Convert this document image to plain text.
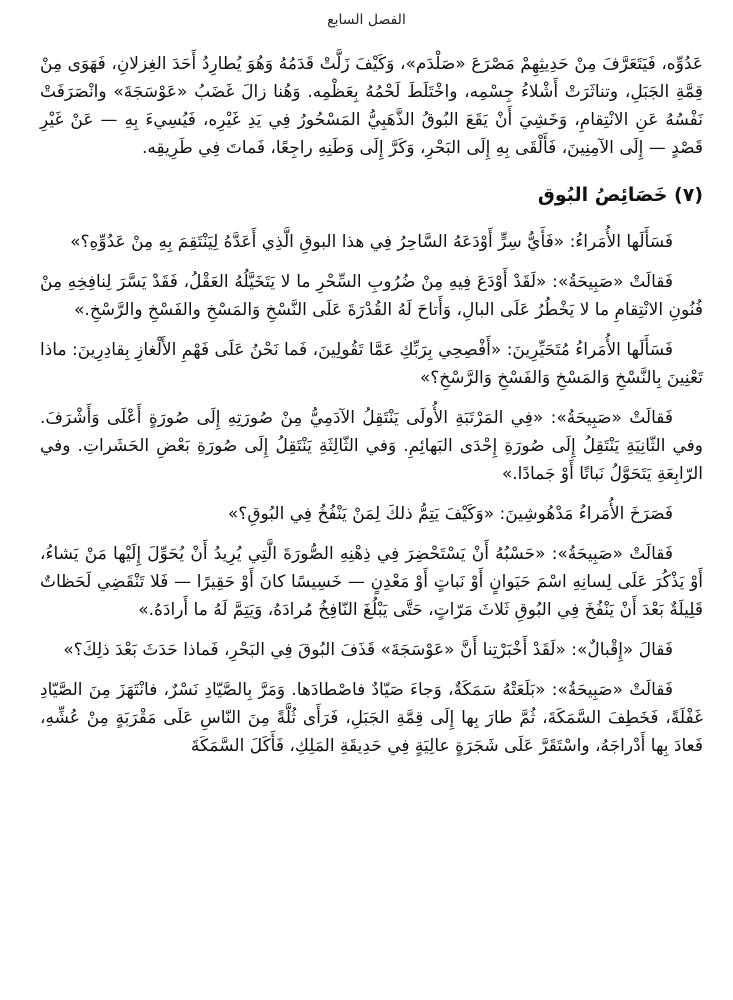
الفصل السابع

عَدُوِّه، فَيَتَعَرَّفَ مِنْ حَدِيثِهِمْ مَصْرَعَ «صَلْدَم»، وَكَيْفَ زَلَّتْ قَدَمُهُ وَهُوَ يُطارِدُ أَحَدَ الغِزلانِ، فَهَوَى مِنْ قِمَّةِ الجَبَلِ، وتناثَرَتْ أَشْلاءُ جِسْمِه، واخْتَلَطَ لَحْمُهُ بِعَظْمِه. وَهُنا زالَ غَضَبُ «عَوْسَجَةَ» وانْصَرَفَتْ نَفْسُهُ عَنِ الانْتِقامِ، وَخَشِيَ أَنْ يَقَعَ البُوقُ الذَّهَبِيُّ المَسْحُورُ فِي يَدِ غَيْرِه، فَيُسِيءَ بِهِ — عَنْ غَيْرِ قَصْدٍ — إِلَى الآمِنِينَ، فَأَلْقَى بِهِ إِلَى البَحْرِ، وَكَرَّ إِلَى وَطَنِهِ راجِعًا، فَماتَ فِي طَرِيقِه.

(٧) خَصَائِصُ البُوق

فَسَأَلَها الأُمَراءُ: «فَأَيُّ سِرٍّ أَوْدَعَهُ السَّاحِرُ فِي هذا البوقِ الَّذِي أَعَدَّهُ لِيَنْتَقِمَ بِهِ مِنْ عَدُوِّهِ؟»

فَقالَتْ «صَبِيحَةُ»: «لَقَدْ أَوْدَعَ فِيهِ مِنْ ضُرُوبِ السِّحْرِ ما لا يَتَخَيَّلُهُ العَقْلُ، فَقَدْ يَسَّرَ لِنافِخِهِ مِنْ فُنُونِ الانْتِقامِ ما لا يَخْطُرُ عَلَى البالِ، وَأَتاحَ لَهُ القُدْرَةَ عَلَى النَّسْخِ وَالمَسْخِ والفَسْخِ والرَّسْخِ.»

فَسَأَلَها الأُمَراءُ مُتَحَيِّرِينَ: «أَفْصِحِي بِرَبِّكِ عَمَّا تَقُولِينَ، فَما نَحْنُ عَلَى فَهْمِ الأَلْغازِ بِقادِرِينَ: ماذا تَعْنِينَ بِالنَّسْخِ وَالمَسْخِ وَالفَسْخِ وَالرَّسْخِ؟»

فَقالَتْ «صَبِيحَةُ»: «فِي المَرْتَبَةِ الأُولَى يَنْتَقِلُ الآدَمِيُّ مِنْ صُورَتِهِ إِلَى صُورَةٍ أَعْلَى وَأَشْرَفَ. وفي الثّانِيَةِ يَنْتَقِلُ إِلَى صُورَةِ إِحْدَى البَهائِمِ. وَفي الثّالِثَةِ يَنْتَقِلُ إِلَى صُورَةِ بَعْضِ الحَشَراتِ. وفي الرّابِعَةِ يَتَحَوَّلُ نَباتًا أَوْ جَمادًا.»

فَصَرَخَ الأُمَراءُ مَدْهُوشِينَ: «وَكَيْفَ يَتِمُّ ذلكَ لِمَنْ يَنْفُخُ فِي البُوقِ؟»

فَقالَتْ «صَبِيحَةُ»: «حَسْبُهُ أَنْ يَسْتَحْضِرَ فِي ذِهْنِهِ الصُّورَةَ الَّتِي يُرِيدُ أَنْ يُحَوِّلَ إِلَيْها مَنْ يَشاءُ، أَوْ يَذْكُرَ عَلَى لِسانِهِ اسْمَ حَيَوانٍ أَوْ نَباتٍ أَوْ مَعْدِنٍ — خَسِيسًا كانَ أَوْ حَقِيرًا — فَلا تَنْقَضِي لَحَظاتٌ قَلِيلَةٌ بَعْدَ أَنْ يَنْفُخَ فِي البُوقِ ثَلاثَ مَرّاتٍ، حَتَّى يَبْلُغَ النّافِخُ مُرادَهُ، وَيَتِمَّ لَهُ ما أَرادَهُ.»

فَقالَ «إِقْبالٌ»: «لَقَدْ أَخْبَرْتِنا أَنَّ «عَوْسَجَةَ» قَذَفَ البُوقَ فِي البَحْرِ، فَماذا حَدَثَ بَعْدَ ذلِكَ؟»

فَقالَتْ «صَبِيحَةُ»: «بَلَعَتْهُ سَمَكَةٌ، وَجاءَ صَيّادٌ فاصْطادَها. وَمَرَّ بِالصَّيّادِ نَسْرٌ، فانْتَهَزَ مِنَ الصَّيّادِ غَفْلَةً، فَخَطِفَ السَّمَكَةَ، ثُمَّ طارَ بِها إِلَى قِمَّةِ الجَبَلِ، فَرَأَى ثُلَّةً مِنَ النّاسِ عَلَى مَقْرَبَةٍ مِنْ عُشِّهِ، فَعادَ بِها أَدْراجَهُ، واسْتَقَرَّ عَلَى شَجَرَةٍ عالِيَةٍ فِي حَدِيقَةِ المَلِكِ، فَأَكَلَ السَّمَكَةَ
